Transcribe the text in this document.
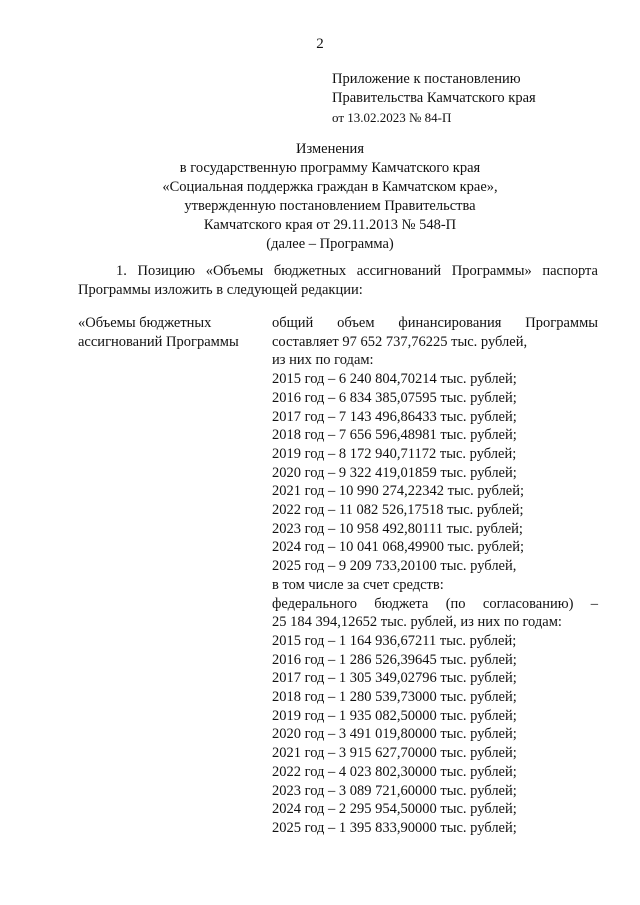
2
Приложение к постановлению
Правительства Камчатского края
от 13.02.2023 № 84-П
Изменения
в государственную программу Камчатского края
«Социальная поддержка граждан в Камчатском крае»,
утвержденную постановлением Правительства
Камчатского края от 29.11.2013 № 548-П
(далее – Программа)
1. Позицию «Объемы бюджетных ассигнований Программы» паспорта
Программы изложить в следующей редакции:
«Объемы бюджетных
ассигнований Программы
общий объем финансирования Программы
составляет 97 652 737,76225 тыс. рублей,
из них по годам:
2015 год – 6 240 804,70214 тыс. рублей;
2016 год – 6 834 385,07595 тыс. рублей;
2017 год – 7 143 496,86433 тыс. рублей;
2018 год – 7 656 596,48981 тыс. рублей;
2019 год – 8 172 940,71172 тыс. рублей;
2020 год – 9 322 419,01859 тыс. рублей;
2021 год – 10 990 274,22342 тыс. рублей;
2022 год – 11 082 526,17518 тыс. рублей;
2023 год – 10 958 492,80111 тыс. рублей;
2024 год – 10 041 068,49900 тыс. рублей;
2025 год – 9 209 733,20100 тыс. рублей,
в том числе за счет средств:
федерального бюджета (по согласованию) –
25 184 394,12652 тыс. рублей, из них по годам:
2015 год – 1 164 936,67211 тыс. рублей;
2016 год – 1 286 526,39645 тыс. рублей;
2017 год – 1 305 349,02796 тыс. рублей;
2018 год – 1 280 539,73000 тыс. рублей;
2019 год – 1 935 082,50000 тыс. рублей;
2020 год – 3 491 019,80000 тыс. рублей;
2021 год – 3 915 627,70000 тыс. рублей;
2022 год – 4 023 802,30000 тыс. рублей;
2023 год – 3 089 721,60000 тыс. рублей;
2024 год – 2 295 954,50000 тыс. рублей;
2025 год – 1 395 833,90000 тыс. рублей;
